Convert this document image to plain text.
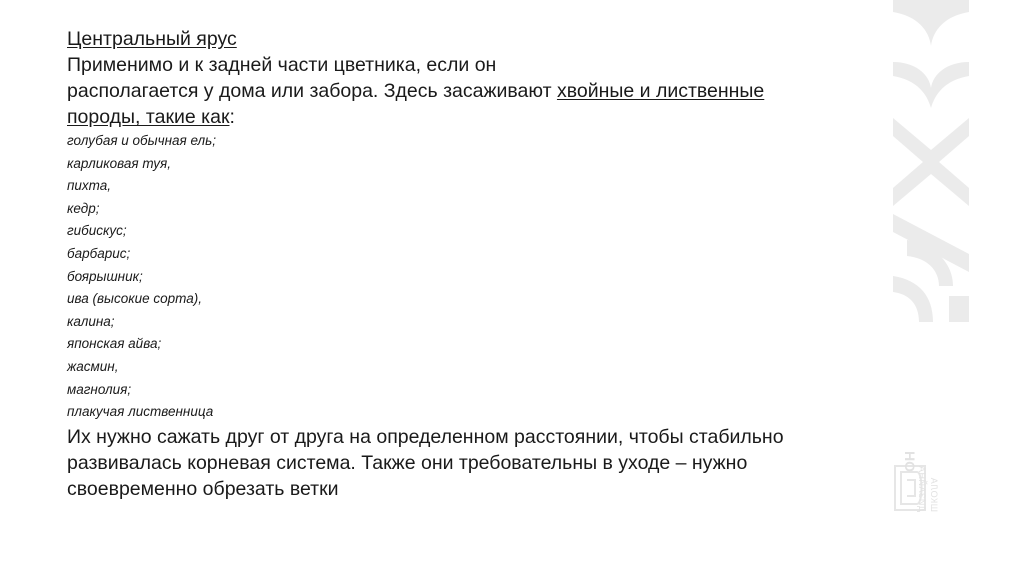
Центральный ярус

Применимо и к задней части цветника, если он

располагается у дома или забора. Здесь засаживают хвойные и лиственные

породы, такие как:

голубая и обычная ель;
карликовая туя,
пихта,
кедр;
гибискус;
барбарис;
боярышник;
ива (высокие сорта),
калина;
японская айва;
жасмин,
магнолия;
плакучая лиственница

Их нужно сажать друг от друга на определенном расстоянии, чтобы стабильно

развивалась корневая система. Также они требовательны в уходе – нужно

своевременно обрезать ветки	ШКОЛА
ДИЗАЙНА
ОН
